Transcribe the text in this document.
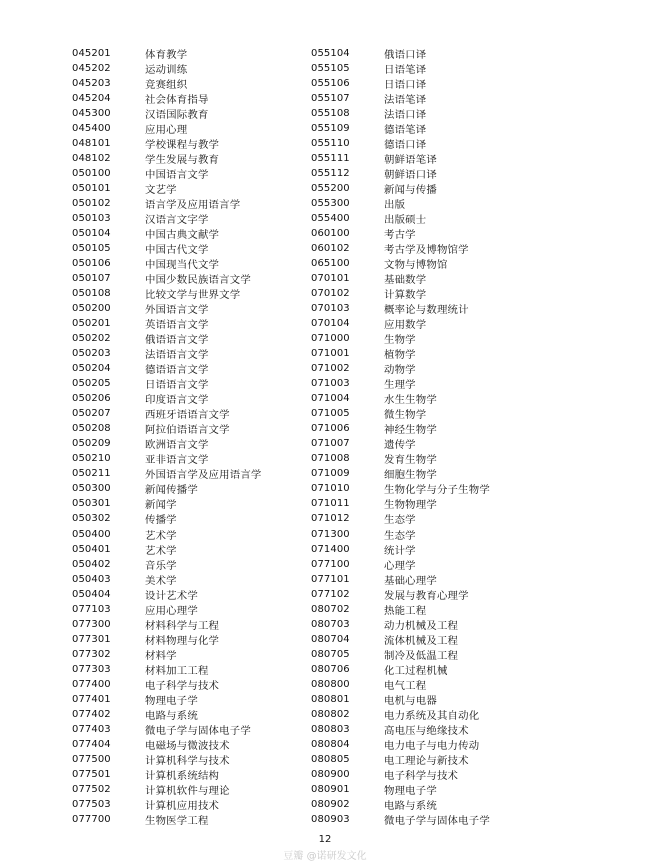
045201	体育教学
045202	运动训练
045203	竞赛组织
045204	社会体育指导
045300	汉语国际教育
045400	应用心理
048101	学校课程与教学
048102	学生发展与教育
050100	中国语言文学
050101	文艺学
050102	语言学及应用语言学
050103	汉语言文字学
050104	中国古典文献学
050105	中国古代文学
050106	中国现当代文学
050107	中国少数民族语言文学
050108	比较文学与世界文学
050200	外国语言文学
050201	英语语言文学
050202	俄语语言文学
050203	法语语言文学
050204	德语语言文学
050205	日语语言文学
050206	印度语言文学
050207	西班牙语语言文学
050208	阿拉伯语语言文学
050209	欧洲语言文学
050210	亚非语言文学
050211	外国语言学及应用语言学
050300	新闻传播学
050301	新闻学
050302	传播学
050400	艺术学
050401	艺术学
050402	音乐学
050403	美术学
050404	设计艺术学
077103	应用心理学
077300	材料科学与工程
077301	材料物理与化学
077302	材料学
077303	材料加工工程
077400	电子科学与技术
077401	物理电子学
077402	电路与系统
077403	微电子学与固体电子学
077404	电磁场与微波技术
077500	计算机科学与技术
077501	计算机系统结构
077502	计算机软件与理论
077503	计算机应用技术
077700	生物医学工程
055104	俄语口译
055105	日语笔译
055106	日语口译
055107	法语笔译
055108	法语口译
055109	德语笔译
055110	德语口译
055111	朝鲜语笔译
055112	朝鲜语口译
055200	新闻与传播
055300	出版
055400	出版硕士
060100	考古学
060102	考古学及博物馆学
065100	文物与博物馆
070101	基础数学
070102	计算数学
070103	概率论与数理统计
070104	应用数学
071000	生物学
071001	植物学
071002	动物学
071003	生理学
071004	水生生物学
071005	微生物学
071006	神经生物学
071007	遗传学
071008	发育生物学
071009	细胞生物学
071010	生物化学与分子生物学
071011	生物物理学
071012	生态学
071300	生态学
071400	统计学
077100	心理学
077101	基础心理学
077102	发展与教育心理学
080702	热能工程
080703	动力机械及工程
080704	流体机械及工程
080705	制冷及低温工程
080706	化工过程机械
080800	电气工程
080801	电机与电器
080802	电力系统及其自动化
080803	高电压与绝缘技术
080804	电力电子与电力传动
080805	电工理论与新技术
080900	电子科学与技术
080901	物理电子学
080902	电路与系统
080903	微电子学与固体电子学
12
豆瓣 @诺研发文化
